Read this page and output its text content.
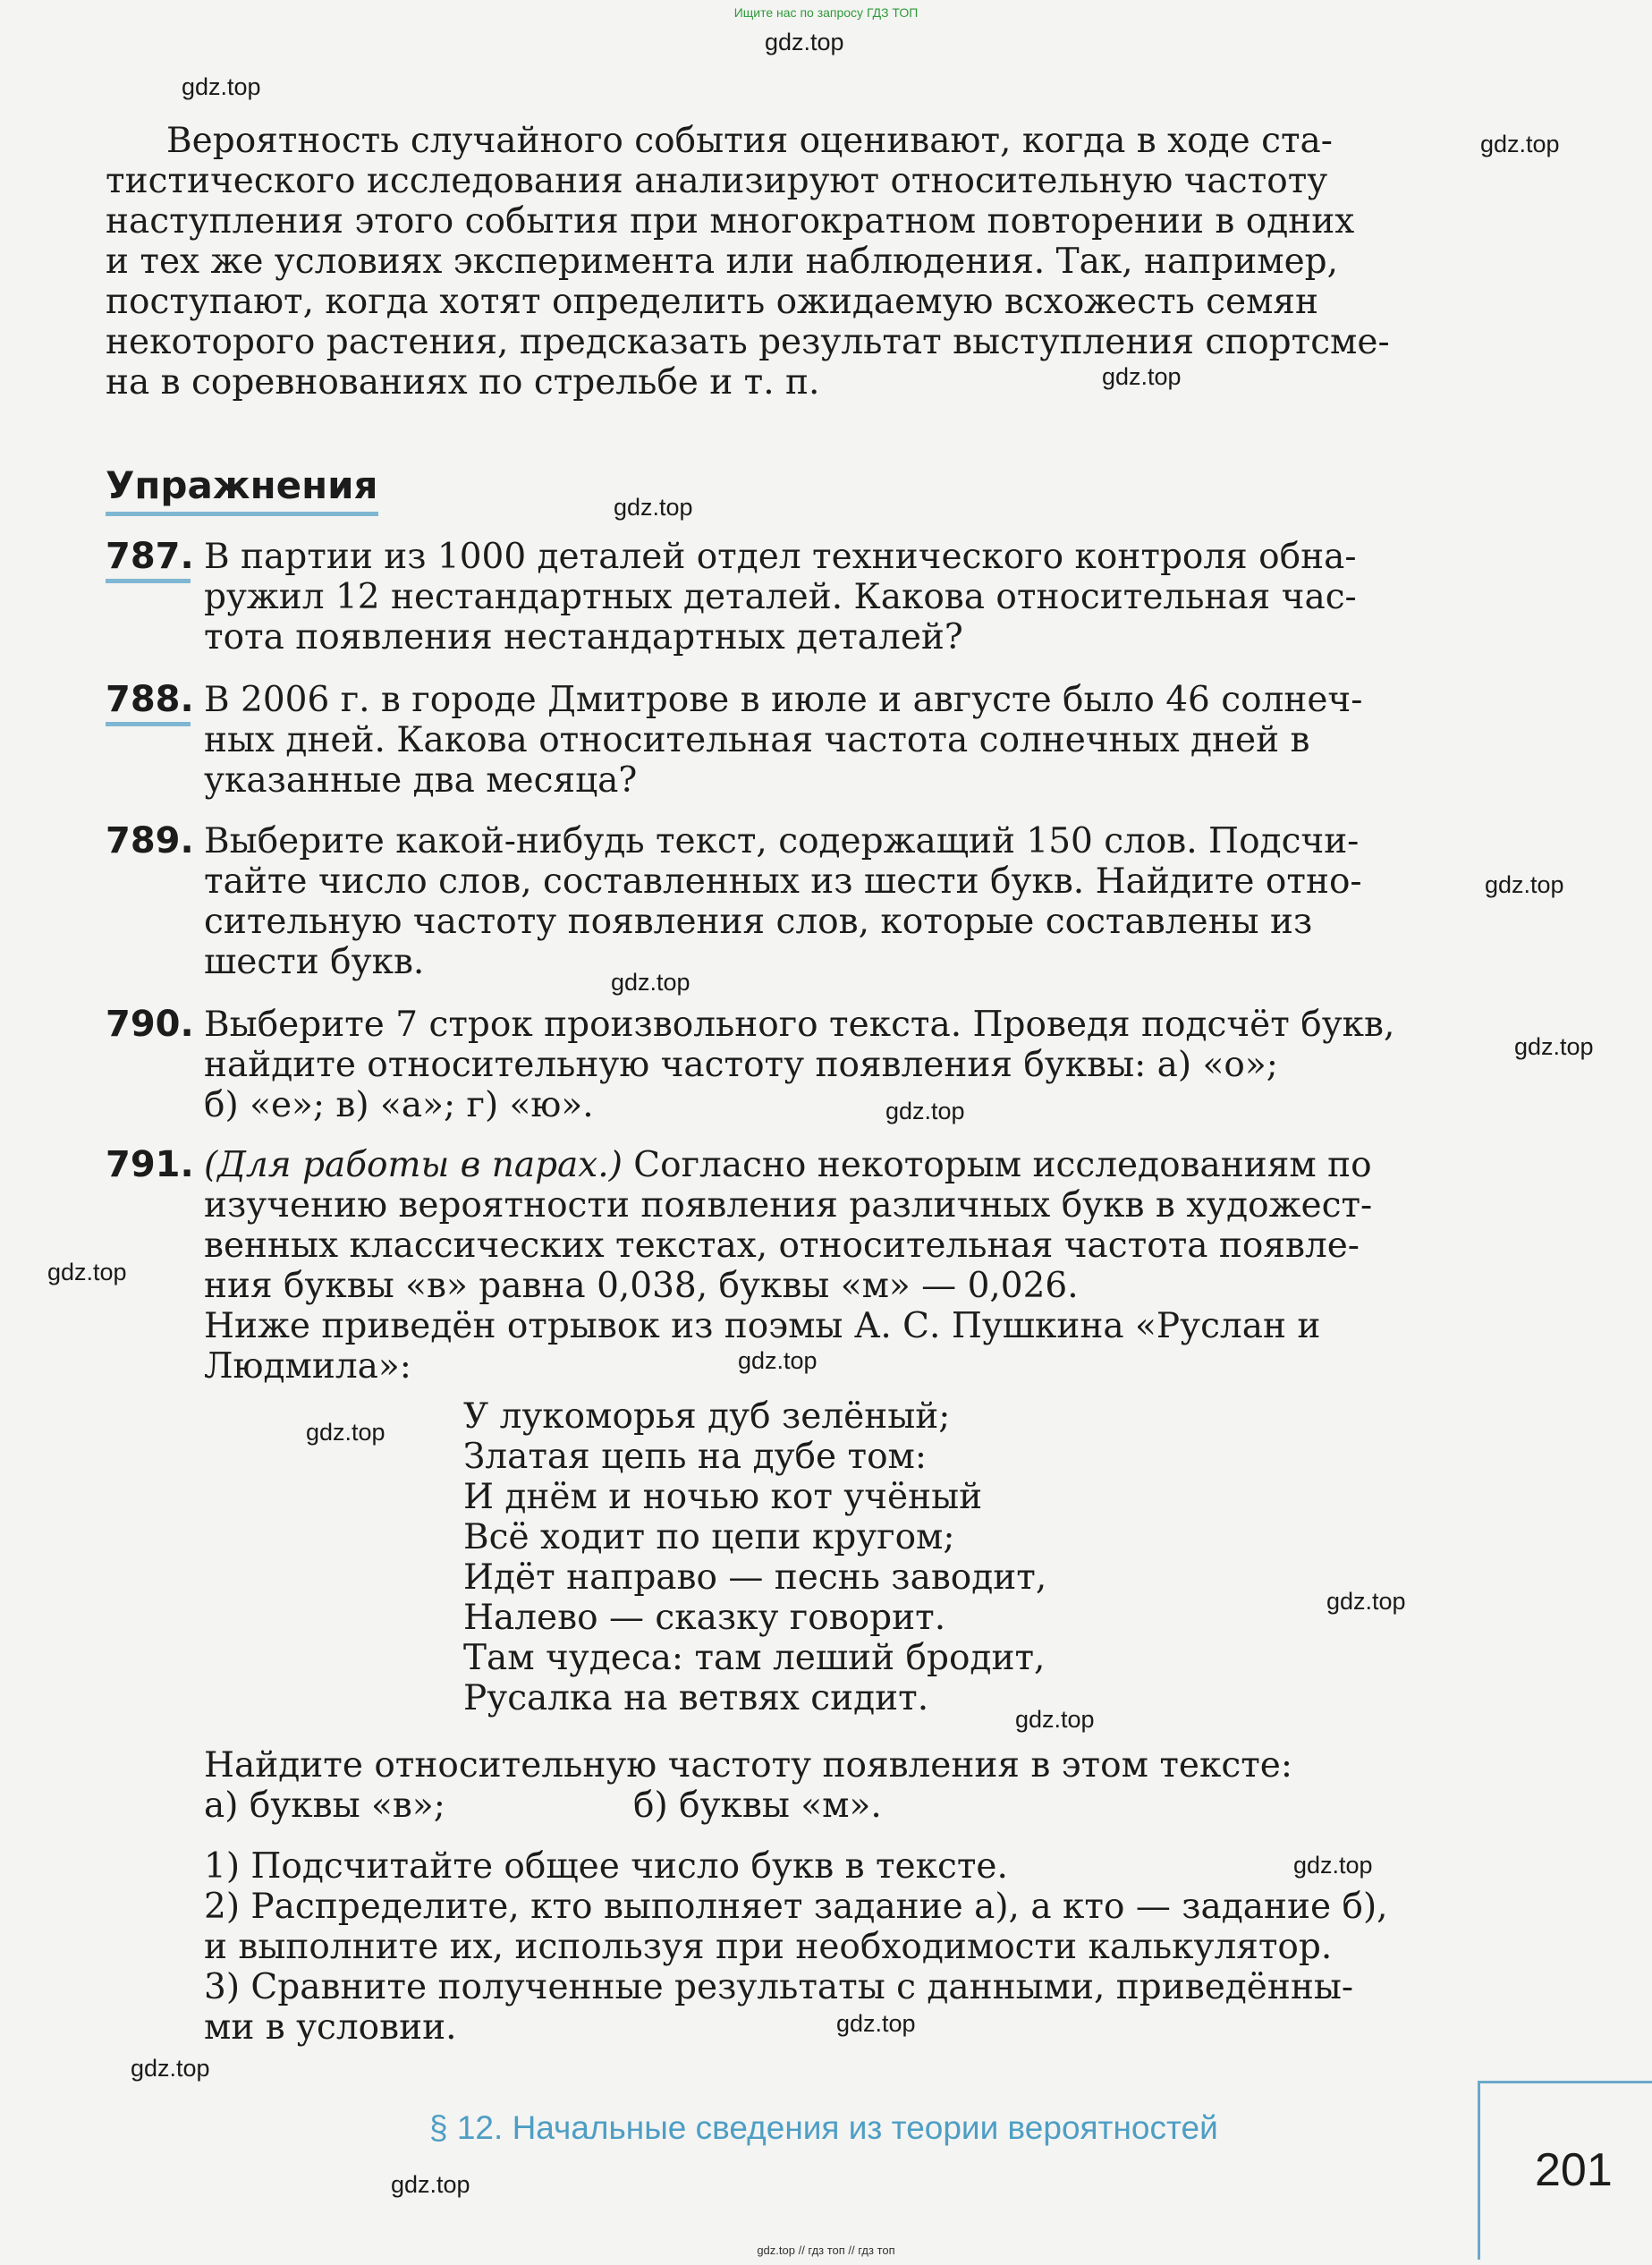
Ищите нас по запросу ГДЗ ТОП
gdz.top
gdz.top
gdz.top
gdz.top
gdz.top
gdz.top
gdz.top
gdz.top
gdz.top
gdz.top
gdz.top
gdz.top
gdz.top
gdz.top
gdz.top
gdz.top
gdz.top
gdz.top
Вероятность случайного события оценивают, когда в ходе ста-
тистического исследования анализируют относительную частоту
наступления этого события при многократном повторении в одних
и тех же условиях эксперимента или наблюдения. Так, например,
поступают, когда хотят определить ожидаемую всхожесть семян
некоторого растения, предсказать результат выступления спортсме-
на в соревнованиях по стрельбе и т. п.
Упражнения
787. В партии из 1000 деталей отдел технического контроля обна-
ружил 12 нестандартных деталей. Какова относительная час-
тота появления нестандартных деталей?
788. В 2006 г. в городе Дмитрове в июле и августе было 46 солнеч-
ных дней. Какова относительная частота солнечных дней в
указанные два месяца?
789. Выберите какой-нибудь текст, содержащий 150 слов. Подсчи-
тайте число слов, составленных из шести букв. Найдите отно-
сительную частоту появления слов, которые составлены из
шести букв.
790. Выберите 7 строк произвольного текста. Проведя подсчёт букв,
найдите относительную частоту появления буквы: а) «о»;
б) «е»; в) «а»; г) «ю».
791. (Для работы в парах.) Согласно некоторым исследованиям по
изучению вероятности появления различных букв в художест-
венных классических текстах, относительная частота появле-
ния буквы «в» равна 0,038, буквы «м» — 0,026.
Ниже приведён отрывок из поэмы А. С. Пушкина «Руслан и
Людмила»:
У лукоморья дуб зелёный;
Златая цепь на дубе том:
И днём и ночью кот учёный
Всё ходит по цепи кругом;
Идёт направо — песнь заводит,
Налево — сказку говорит.
Там чудеса: там леший бродит,
Русалка на ветвях сидит.
Найдите относительную частоту появления в этом тексте:
а) буквы «в»;	б) буквы «м».
1) Подсчитайте общее число букв в тексте.
2) Распределите, кто выполняет задание а), а кто — задание б),
и выполните их, используя при необходимости калькулятор.
3) Сравните полученные результаты с данными, приведённы-
ми в условии.
§ 12. Начальные сведения из теории вероятностей
201
gdz.top // гдз топ // гдз топ
